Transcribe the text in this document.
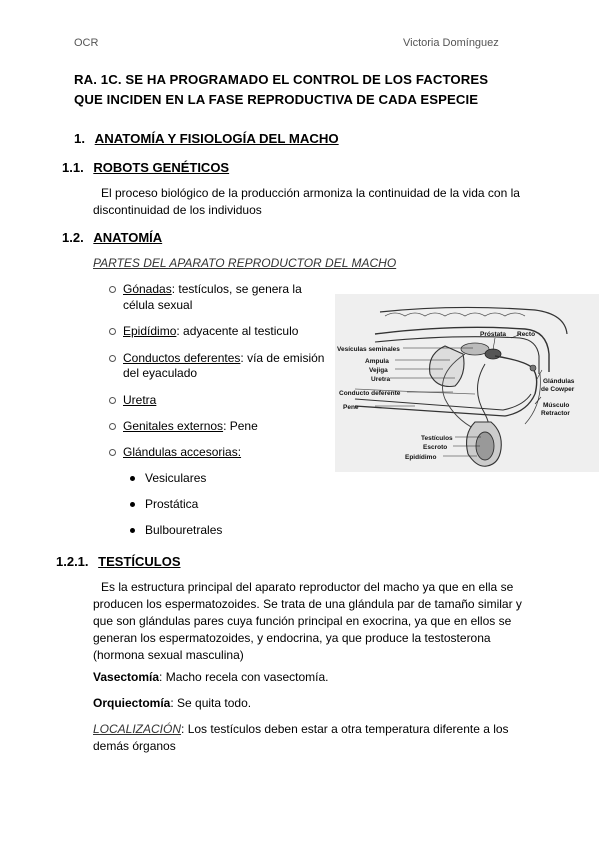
OCR	Victoria Domínguez
RA. 1C. SE HA PROGRAMADO EL CONTROL DE LOS FACTORES
QUE INCIDEN EN LA FASE REPRODUCTIVA DE CADA ESPECIE
1. ANATOMÍA Y FISIOLOGÍA DEL MACHO
1.1. ROBOTS GENÉTICOS
El proceso biológico de la producción armoniza la continuidad de la vida con la
discontinuidad de los individuos
1.2. ANATOMÍA
PARTES DEL APARATO REPRODUCTOR DEL MACHO
Gónadas: testículos, se genera la
célula sexual
Epidídimo: adyacente al testiculo
Conductos deferentes: vía de emisión
del eyaculado
Uretra
Genitales externos: Pene
Glándulas accesorias:
Vesiculares
Prostática
Bulbouretrales
Recto
Próstata
Vesículas seminales
Ampula
Vejiga
Uretra
Conducto deferente
Pene
Glándulas
de Cowper
Músculo
Retractor
Testículos
Escroto
Epidídimo
1.2.1. TESTÍCULOS
Es la estructura principal del aparato reproductor del macho ya que en ella se
producen los espermatozoides. Se trata de una glándula par de tamaño similar y
que son glándulas pares cuya función principal en exocrina, ya que en ellos se
generan los espermatozoides, y endocrina, ya que produce la testosterona
(hormona sexual masculina)
Vasectomía: Macho recela con vasectomía.
Orquiectomía: Se quita todo.
LOCALIZACIÓN: Los testículos deben estar a otra temperatura diferente a los
demás órganos
